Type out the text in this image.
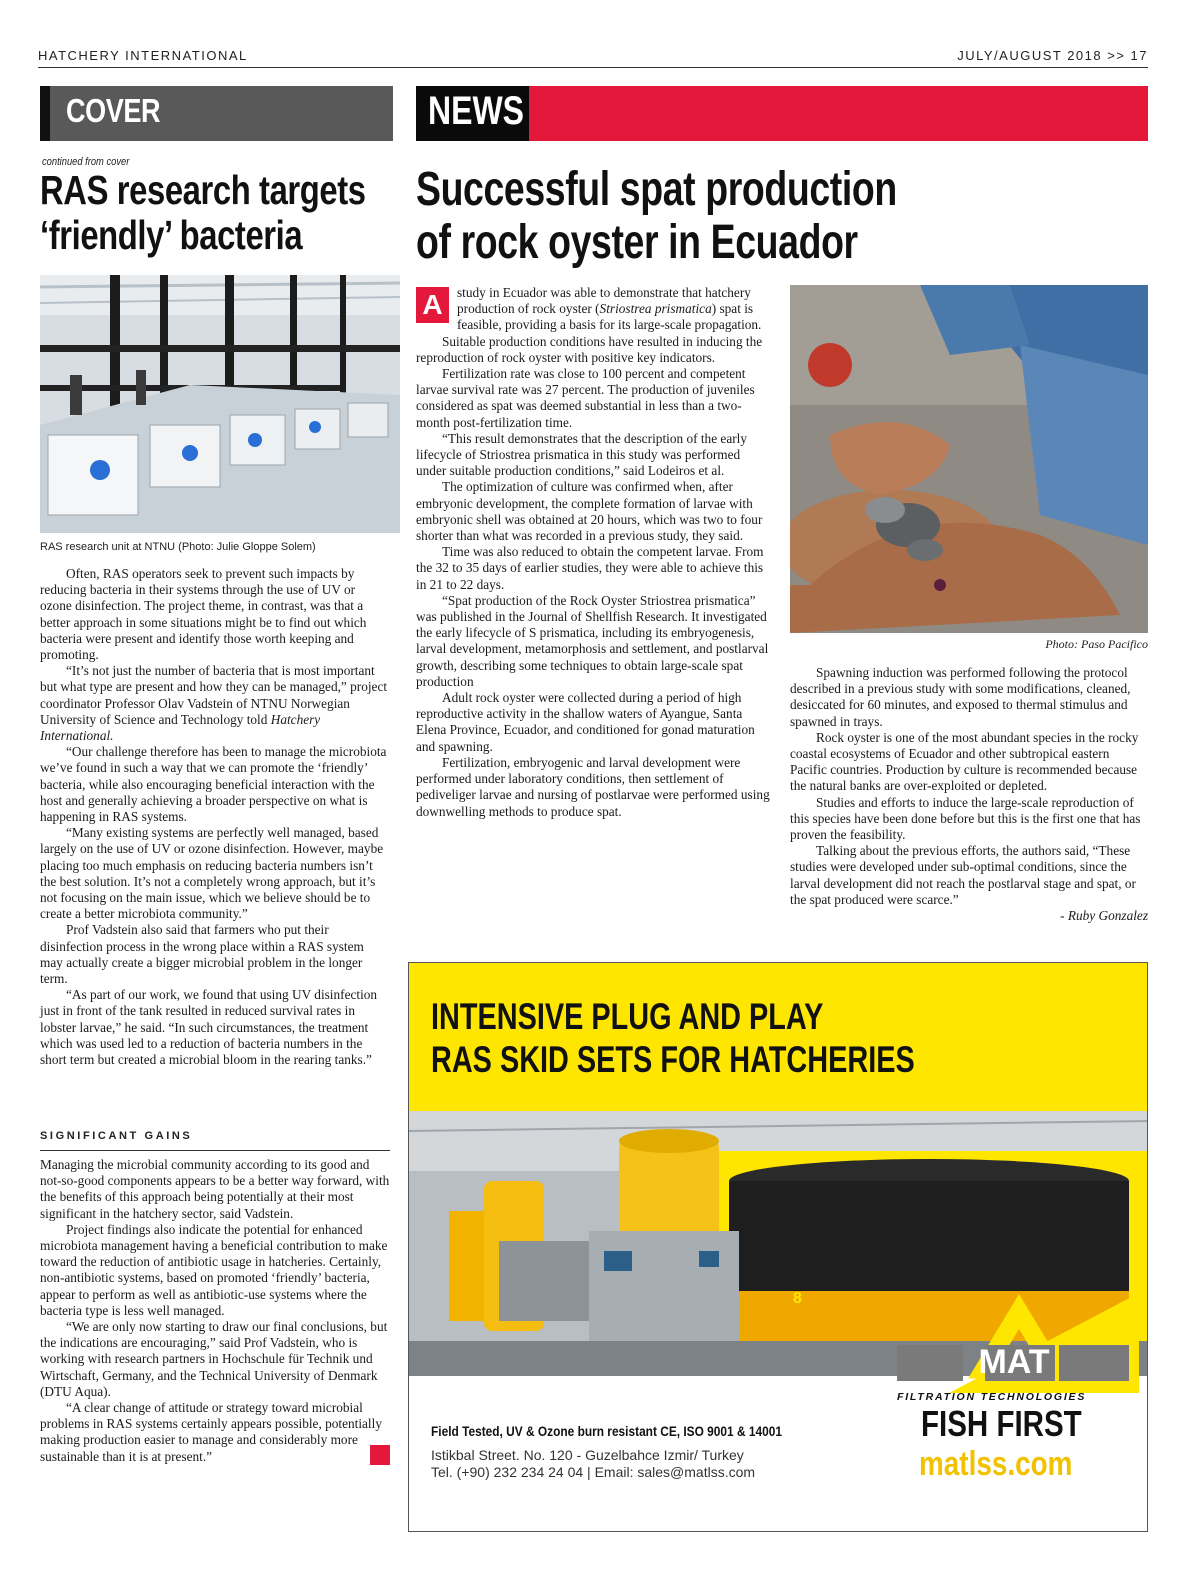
HATCHERY INTERNATIONAL	JULY/AUGUST 2018 >> 17
COVER	NEWS
continued from cover
RAS research targets
‘friendly’ bacteria
RAS research unit at NTNU (Photo: Julie Gloppe Solem)

Often, RAS operators seek to prevent such impacts by reducing bacteria in their systems through the use of UV or ozone disinfection. The project theme, in contrast, was that a better approach in some situations might be to find out which bacteria were present and identify those worth keeping and promoting.

“It’s not just the number of bacteria that is most important but what type are present and how they can be managed,” project coordinator Professor Olav Vadstein of NTNU Norwegian University of Science and Technology told Hatchery International.

“Our challenge therefore has been to manage the microbiota we’ve found in such a way that we can promote the ‘friendly’ bacteria, while also encouraging beneficial interaction with the host and generally achieving a broader perspective on what is happening in RAS systems.

“Many existing systems are perfectly well managed, based largely on the use of UV or ozone disinfection. However, maybe placing too much emphasis on reducing bacteria numbers isn’t the best solution. It’s not a completely wrong approach, but it’s not focusing on the main issue, which we believe should be to create a better microbiota community.”

Prof Vadstein also said that farmers who put their disinfection process in the wrong place within a RAS system may actually create a bigger microbial problem in the longer term.

“As part of our work, we found that using UV disinfection just in front of the tank resulted in reduced survival rates in lobster larvae,” he said. “In such circumstances, the treatment which was used led to a reduction of bacteria numbers in the short term but created a microbial bloom in the rearing tanks.”

SIGNIFICANT GAINS

Managing the microbial community according to its good and not-so-good components appears to be a better way forward, with the benefits of this approach being potentially at their most significant in the hatchery sector, said Vadstein.

Project findings also indicate the potential for enhanced microbiota management having a beneficial contribution to make toward the reduction of antibiotic usage in hatcheries. Certainly, non-antibiotic systems, based on promoted ‘friendly’ bacteria, appear to perform as well as antibiotic-use systems where the bacteria type is less well managed.

“We are only now starting to draw our final conclusions, but the indications are encouraging,” said Prof Vadstein, who is working with research partners in Hochschule für Technik und Wirtschaft, Germany, and the Technical University of Denmark (DTU Aqua).

“A clear change of attitude or strategy toward microbial problems in RAS systems certainly appears possible, potentially making production easier to manage and considerably more sustainable than it is at present.”	HI

Successful spat production
of rock oyster in Ecuador

A	study in Ecuador was able to demonstrate that hatchery production of rock oyster (Striostrea prismatica) spat is feasible, providing a basis for its large-scale propagation.

Suitable production conditions have resulted in inducing the reproduction of rock oyster with positive key indicators.

Fertilization rate was close to 100 percent and competent larvae survival rate was 27 percent. The production of juveniles considered as spat was deemed substantial in less than a two-month post-fertilization time.

“This result demonstrates that the description of the early lifecycle of Striostrea prismatica in this study was performed under suitable production conditions,” said Lodeiros et al.

The optimization of culture was confirmed when, after embryonic development, the complete formation of larvae with embryonic shell was obtained at 20 hours, which was two to four shorter than what was recorded in a previous study, they said.

Time was also reduced to obtain the competent larvae. From the 32 to 35 days of earlier studies, they were able to achieve this in 21 to 22 days.

“Spat production of the Rock Oyster Striostrea prismatica” was published in the Journal of Shellfish Research. It investigated the early lifecycle of S prismatica, including its embryogenesis, larval development, metamorphosis and settlement, and postlarval growth, describing some techniques to obtain large-scale spat production

Adult rock oyster were collected during a period of high reproductive activity in the shallow waters of Ayangue, Santa Elena Province, Ecuador, and conditioned for gonad maturation and spawning.

Fertilization, embryogenic and larval development were performed under laboratory conditions, then settlement of pediveliger larvae and nursing of postlarvae were performed using downwelling methods to produce spat.

Photo: Paso Pacifico

Spawning induction was performed following the protocol described in a previous study with some modifications, cleaned, desiccated for 60 minutes, and exposed to thermal stimulus and spawned in trays.

Rock oyster is one of the most abundant species in the rocky coastal ecosystems of Ecuador and other subtropical eastern Pacific countries. Production by culture is recommended because the natural banks are over-exploited or depleted.

Studies and efforts to induce the large-scale reproduction of this species have been done before but this is the first one that has proven the feasibility.

Talking about the previous efforts, the authors said, “These studies were developed under sub-optimal conditions, since the larval development did not reach the postlarval stage and spat, or the spat produced were scarce.”

- Ruby Gonzalez

INTENSIVE PLUG AND PLAY
RAS SKID SETS FOR HATCHERIES
8
MAT
FILTRATION TECHNOLOGIES
Field Tested, UV & Ozone burn resistant CE, ISO 9001 & 14001
Istikbal Street. No. 120 - Guzelbahce Izmir/ Turkey
Tel. (+90) 232 234 24 04 | Email: sales@matlss.com
FISH FIRST
matlss.com
